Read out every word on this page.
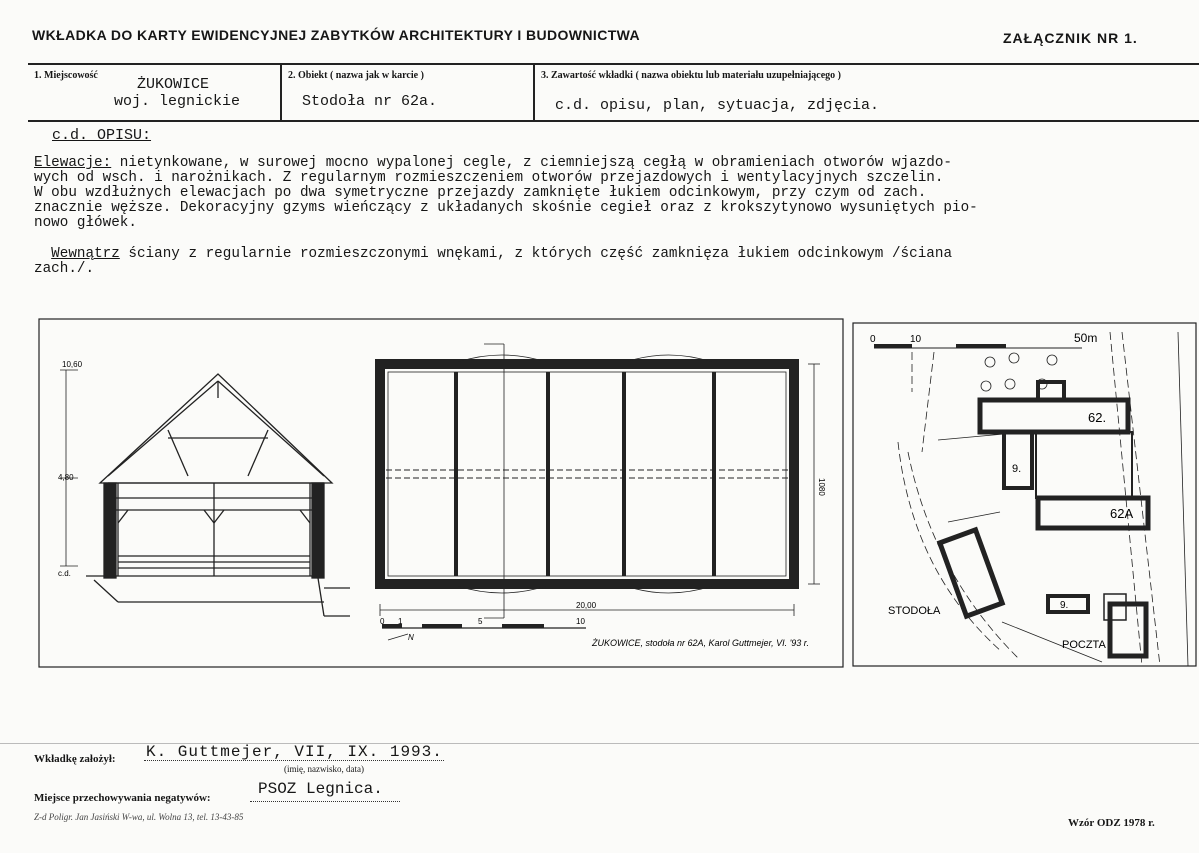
WKŁADKA DO KARTY EWIDENCYJNEJ ZABYTKÓW ARCHITEKTURY I BUDOWNICTWA	ZAŁĄCZNIK NR 1.
1. Miejscowość
ŻUKOWICE
woj. legnickie
2. Obiekt ( nazwa jak w karcie )
Stodoła nr 62a.
3. Zawartość wkładki ( nazwa obiektu lub materiału uzupełniającego )
c.d. opisu, plan, sytuacja, zdjęcia.
c.d. OPISU:
Elewacje: nietynkowane, w surowej mocno wypalonej cegle, z ciemniejszą cegłą w obramieniach otworów wjazdo-
wych od wsch. i narożnikach. Z regularnym rozmieszczeniem otworów przejazdowych i wentylacyjnych szczelin.
W obu wzdłużnych elewacjach po dwa symetryczne przejazdy zamknięte łukiem odcinkowym, przy czym od zach.
znacznie węższe. Dekoracyjny gzyms wieńczący z układanych skośnie cegieł oraz z krokszytynowo wysuniętych pio-
nowo główek.

Wewnątrz ściany z regularnie rozmieszczonymi wnękami, z których część zamknięza łukiem odcinkowym /ściana
zach./.
10,60
4,80
c.d.
1080
20,00
0 1	5	10
N
ŻUKOWICE, stodoła nr 62A, Karol Guttmejer, VI. '93 r.
0	10	50m
62.
9.
62A
9.
STODOŁA
POCZTA
Wkładkę założył: K. Guttmejer, VII, IX. 1993.
(imię, nazwisko, data)
Miejsce przechowywania negatywów:	PSOZ Legnica.
Z-d Poligr. Jan Jasiński W-wa, ul. Wolna 13, tel. 13-43-85	Wzór ODZ 1978 r.
